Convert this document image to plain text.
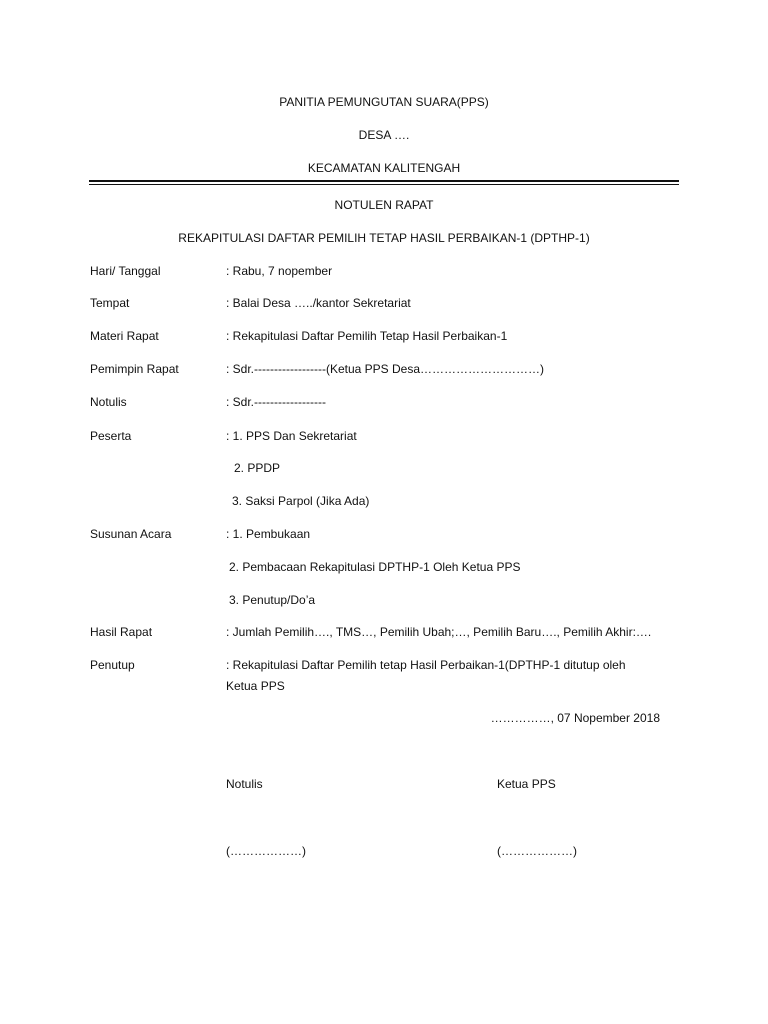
PANITIA PEMUNGUTAN SUARA(PPS)
DESA ….
KECAMATAN KALITENGAH
NOTULEN RAPAT
REKAPITULASI DAFTAR PEMILIH TETAP HASIL PERBAIKAN-1 (DPTHP-1)
Hari/ Tanggal	: Rabu, 7 nopember
Tempat	: Balai Desa …../kantor Sekretariat
Materi Rapat	: Rekapitulasi Daftar Pemilih Tetap Hasil Perbaikan-1
Pemimpin Rapat	: Sdr.------------------(Ketua PPS Desa…………………………)
Notulis	: Sdr.------------------
Peserta	: 1. PPS Dan Sekretariat
2. PPDP
3. Saksi Parpol (Jika Ada)
Susunan Acara	: 1. Pembukaan
2. Pembacaan Rekapitulasi DPTHP-1 Oleh Ketua PPS
3. Penutup/Do’a
Hasil Rapat	: Jumlah Pemilih…., TMS…, Pemilih Ubah;…, Pemilih Baru…., Pemilih Akhir:….
Penutup	: Rekapitulasi Daftar Pemilih tetap Hasil Perbaikan-1(DPTHP-1 ditutup oleh
Ketua PPS
……………, 07 Nopember 2018
Notulis	Ketua PPS
(………………)	(………………)
